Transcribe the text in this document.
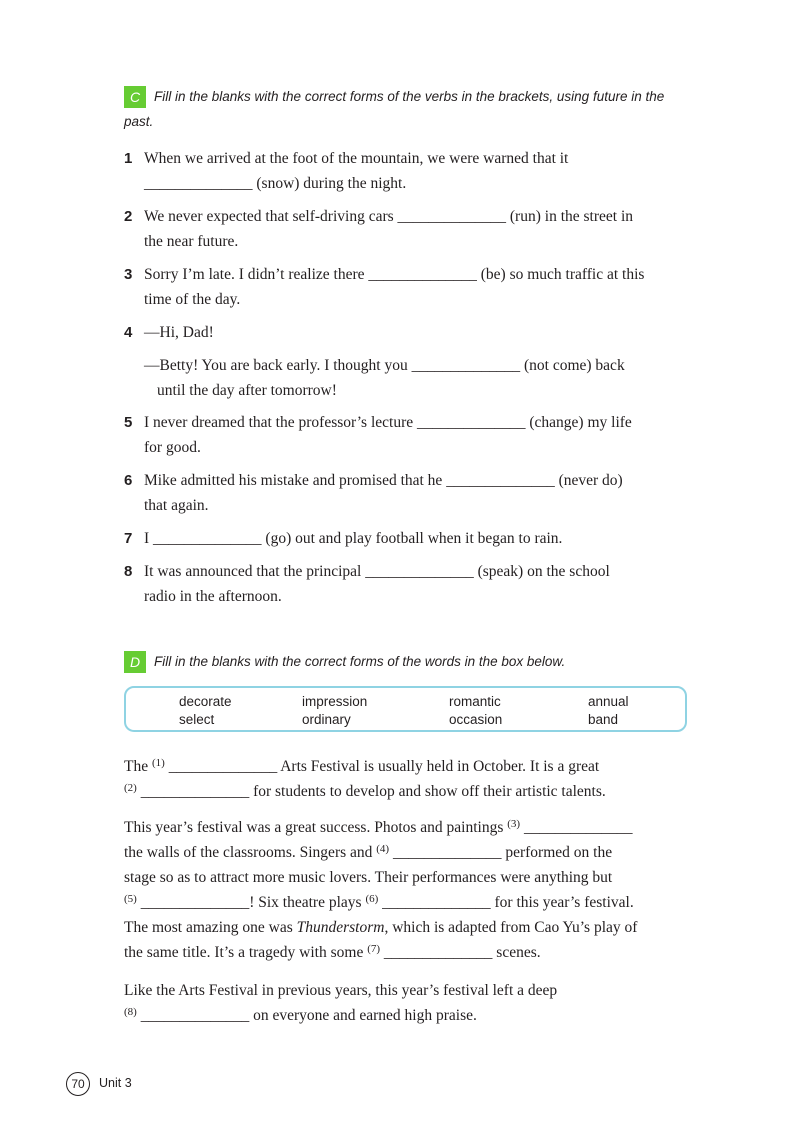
C Fill in the blanks with the correct forms of the verbs in the brackets, using future in the
past.
1 When we arrived at the foot of the mountain, we were warned that it
______________ (snow) during the night.
2 We never expected that self-driving cars ______________ (run) in the street in
the near future.
3 Sorry I’m late. I didn’t realize there ______________ (be) so much traffic at this
time of the day.
4 —Hi, Dad!
—Betty! You are back early. I thought you ______________ (not come) back
until the day after tomorrow!
5 I never dreamed that the professor’s lecture ______________ (change) my life
for good.
6 Mike admitted his mistake and promised that he ______________ (never do)
that again.
7 I ______________ (go) out and play football when it began to rain.
8 It was announced that the principal ______________ (speak) on the school
radio in the afternoon.
D Fill in the blanks with the correct forms of the words in the box below.
decorate	impression	romantic	annual
select	ordinary	occasion	band
The $^{(1)}$ ______________ Arts Festival is usually held in October. It is a great
$^{(2)}$ ______________ for students to develop and show off their artistic talents.
This year’s festival was a great success. Photos and paintings $^{(3)}$ ______________
the walls of the classrooms. Singers and $^{(4)}$ ______________ performed on the
stage so as to attract more music lovers. Their performances were anything but
$^{(5)}$ ______________! Six theatre plays $^{(6)}$ ______________ for this year’s festival.
The most amazing one was Thunderstorm, which is adapted from Cao Yu’s play of
the same title. It’s a tragedy with some $^{(7)}$ ______________ scenes.
Like the Arts Festival in previous years, this year’s festival left a deep
$^{(8)}$ ______________ on everyone and earned high praise.
70	Unit 3
